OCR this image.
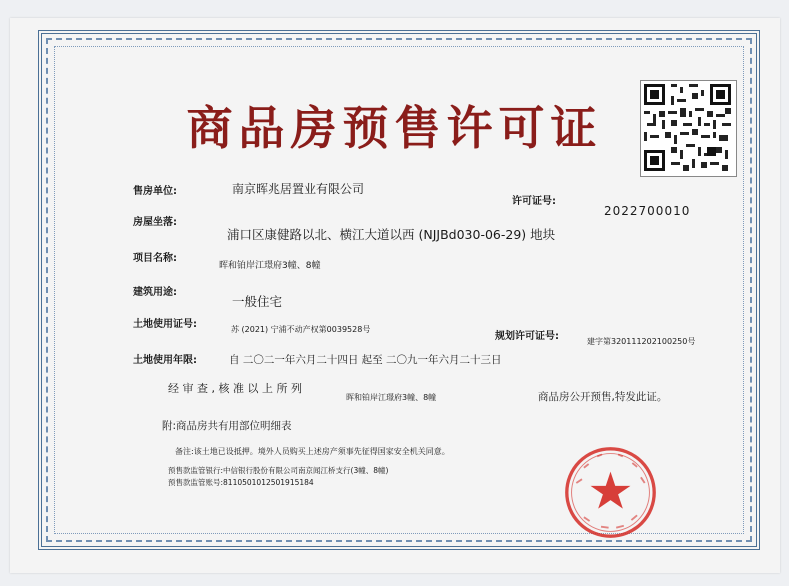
商品房预售许可证
售房单位:	南京晖兆居置业有限公司
许可证号:
2022700010
房屋坐落:
浦口区康健路以北、横江大道以西 (NJJBd030-06-29) 地块
项目名称:
晖和铂岸江璟府3幢、8幢
建筑用途:
一般住宅
土地使用证号:	苏 (2021) 宁浦不动产权第0039528号
规划许可证号:	建字第320111202100250号
土地使用年限:	自 二〇二一年六月二十四日 起至 二〇九一年六月二十三日
经 审 查 , 核 准 以 上 所 列
晖和铂岸江璟府3幢、8幢	商品房公开预售,特发此证。
附:商品房共有用部位明细表
备注:该土地已设抵押。境外人员购买上述房产须事先征得国家安全机关同意。
预售款监管银行:中信银行股份有限公司南京闻江桥支行(3幢、8幢)
预售款监管账号:8110501012501915184
